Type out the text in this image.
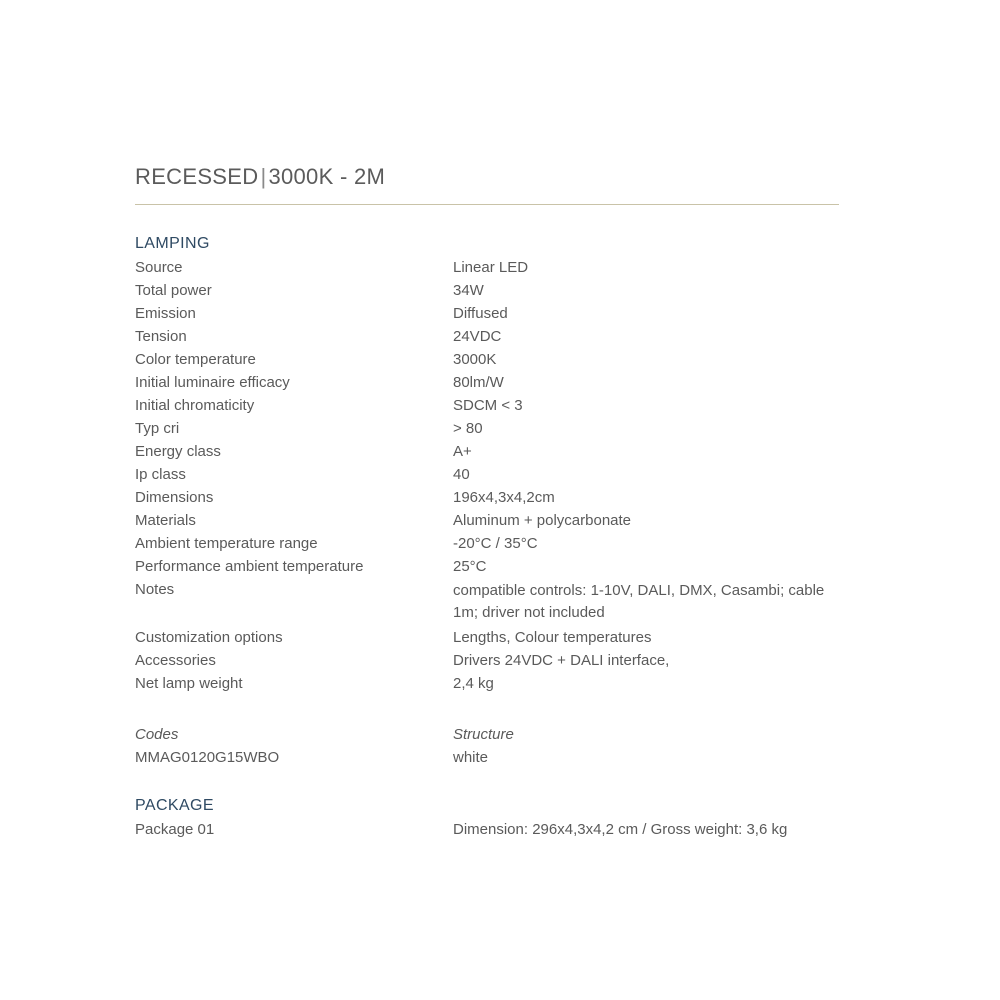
RECESSED|3000K - 2M
LAMPING
Source	Linear LED
Total power	34W
Emission	Diffused
Tension	24VDC
Color temperature	3000K
Initial luminaire efficacy	80lm/W
Initial chromaticity	SDCM < 3
Typ cri	> 80
Energy class	A+
Ip class	40
Dimensions	196x4,3x4,2cm
Materials	Aluminum + polycarbonate
Ambient temperature range	-20°C / 35°C
Performance ambient temperature	25°C
Notes	compatible controls: 1-10V, DALI, DMX, Casambi; cable 1m; driver not included
Customization options	Lengths, Colour temperatures
Accessories	Drivers 24VDC + DALI interface,
Net lamp weight	2,4 kg
Codes	Structure
MMAG0120G15WBO	white
PACKAGE
Package 01	Dimension: 296x4,3x4,2 cm / Gross weight: 3,6 kg
